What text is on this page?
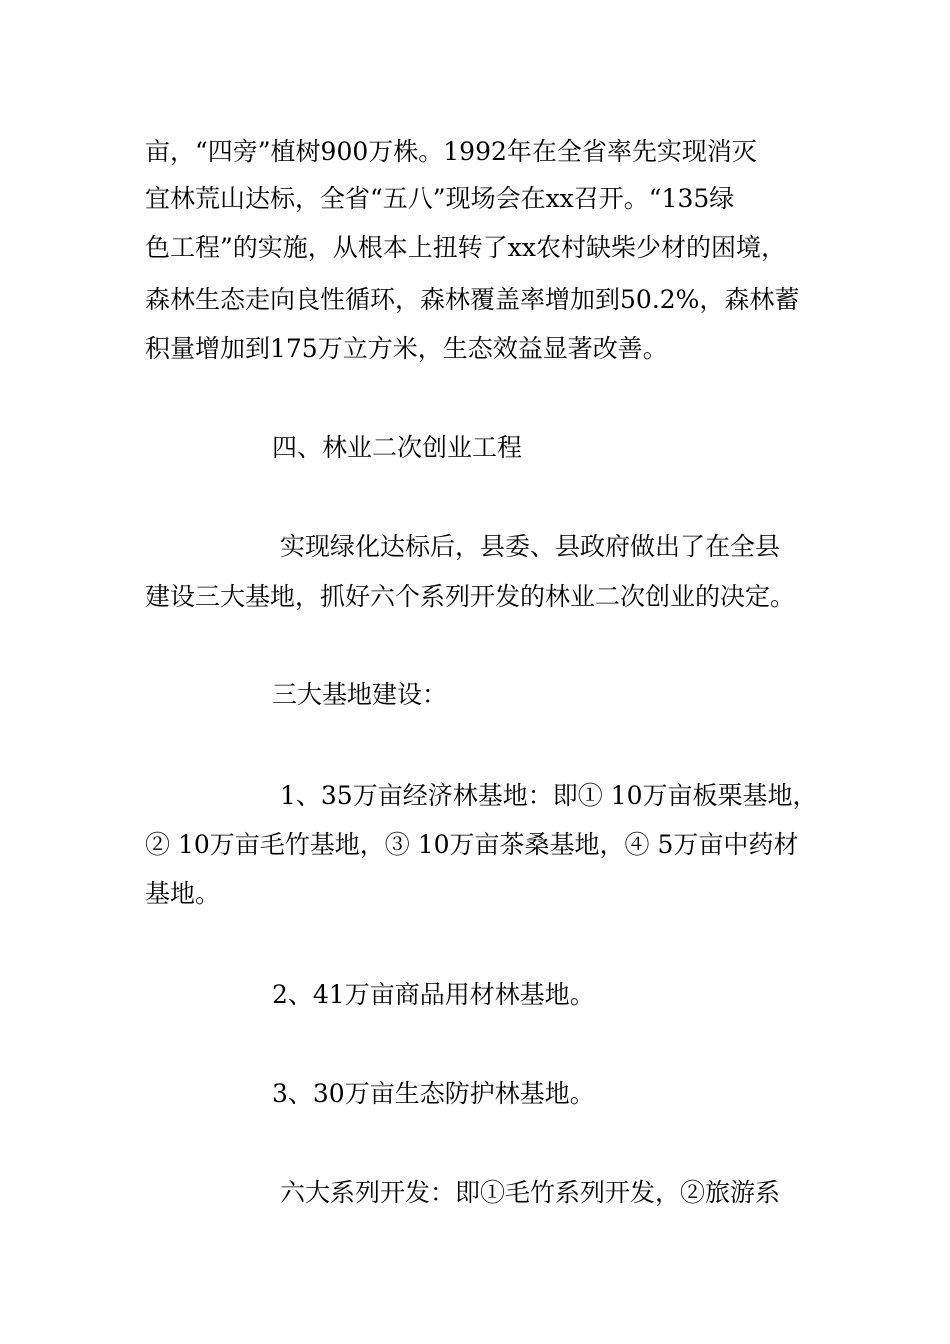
亩，“四旁”植树900万株。1992年在全省率先实现消灭
宜林荒山达标，全省“五八”现场会在xx召开。“135绿
色工程”的实施，从根本上扭转了xx农村缺柴少材的困境，
森林生态走向良性循环，森林覆盖率增加到50.2%，森林蓄
积量增加到175万立方米，生态效益显著改善。
四、林业二次创业工程
实现绿化达标后，县委、县政府做出了在全县
建设三大基地，抓好六个系列开发的林业二次创业的决定。
三大基地建设：
1、35万亩经济林基地：即① 10万亩板栗基地，
② 10万亩毛竹基地，③ 10万亩茶桑基地，④ 5万亩中药材
基地。
2、41万亩商品用材林基地。
3、30万亩生态防护林基地。
六大系列开发：即①毛竹系列开发，②旅游系
